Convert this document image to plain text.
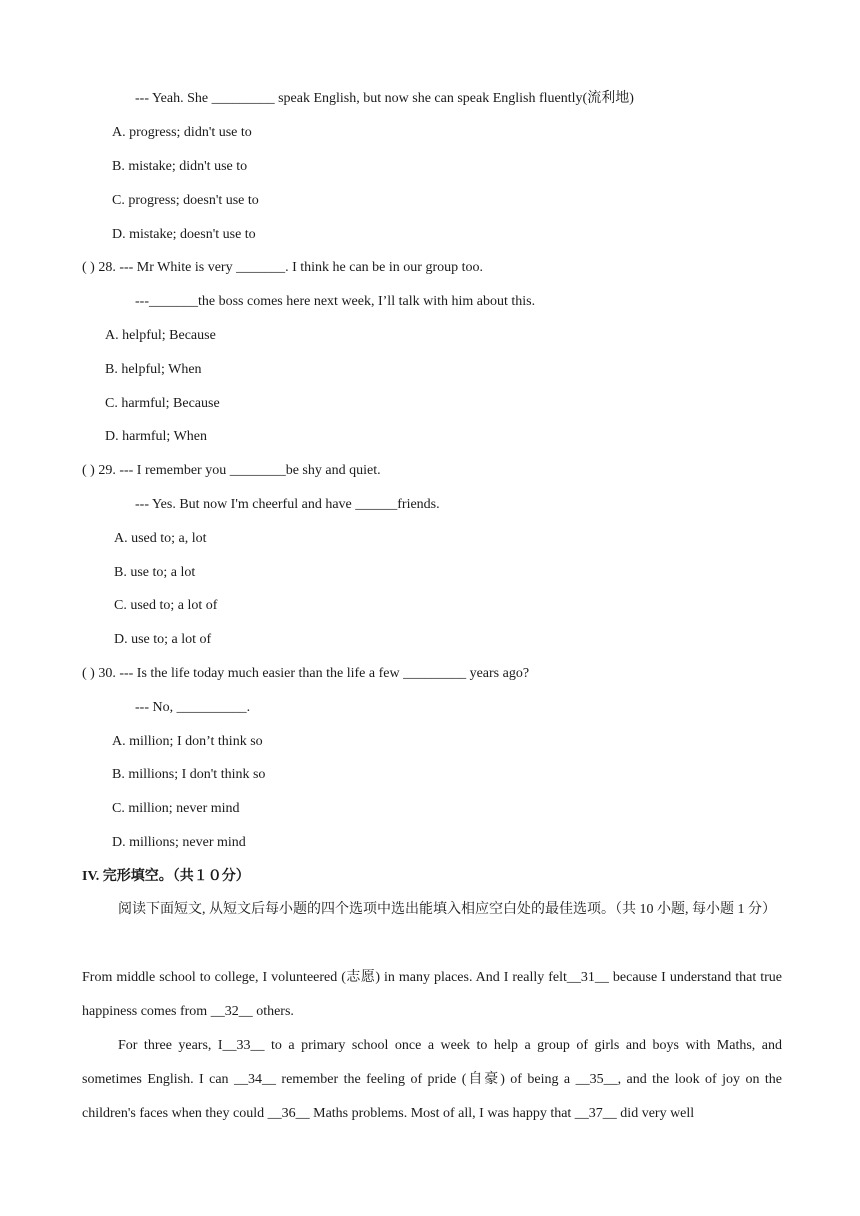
--- Yeah. She _________ speak English, but now she can speak English fluently(流利地)
A. progress; didn't use to
B. mistake; didn't use to
C. progress; doesn't use to
D. mistake; doesn't use to
( ) 28. --- Mr White is very _______. I think he can be in our group too.
---_______the boss comes here next week, I’ll talk with him about this.
A. helpful; Because
B. helpful; When
C. harmful; Because
D. harmful; When
( ) 29. --- I remember you ________be shy and quiet.
--- Yes. But now I'm cheerful and have ______friends.
A. used to; a, lot
B. use to; a lot
C. used to; a lot of
D. use to; a lot of
( ) 30. --- Is the life today much easier than the life a few _________ years ago?
--- No, __________.
A. million; I don’t think so
B. millions; I don't think so
C. million; never mind
D. millions; never mind
IV. 完形填空。（共１０分）
阅读下面短文, 从短文后每小题的四个选项中选出能填入相应空白处的最佳选项。（共 10 小题, 每小题 1 分）
From middle school to college, I volunteered (志愿) in many places. And I really felt__31__ because I understand that true happiness comes from __32__ others.
For three years, I__33__ to a primary school once a week to help a group of girls and boys with Maths, and sometimes English. I can __34__ remember the feeling of pride (自豪) of being a __35__, and the look of joy on the children's faces when they could __36__ Maths problems. Most of all, I was happy that __37__ did very well
